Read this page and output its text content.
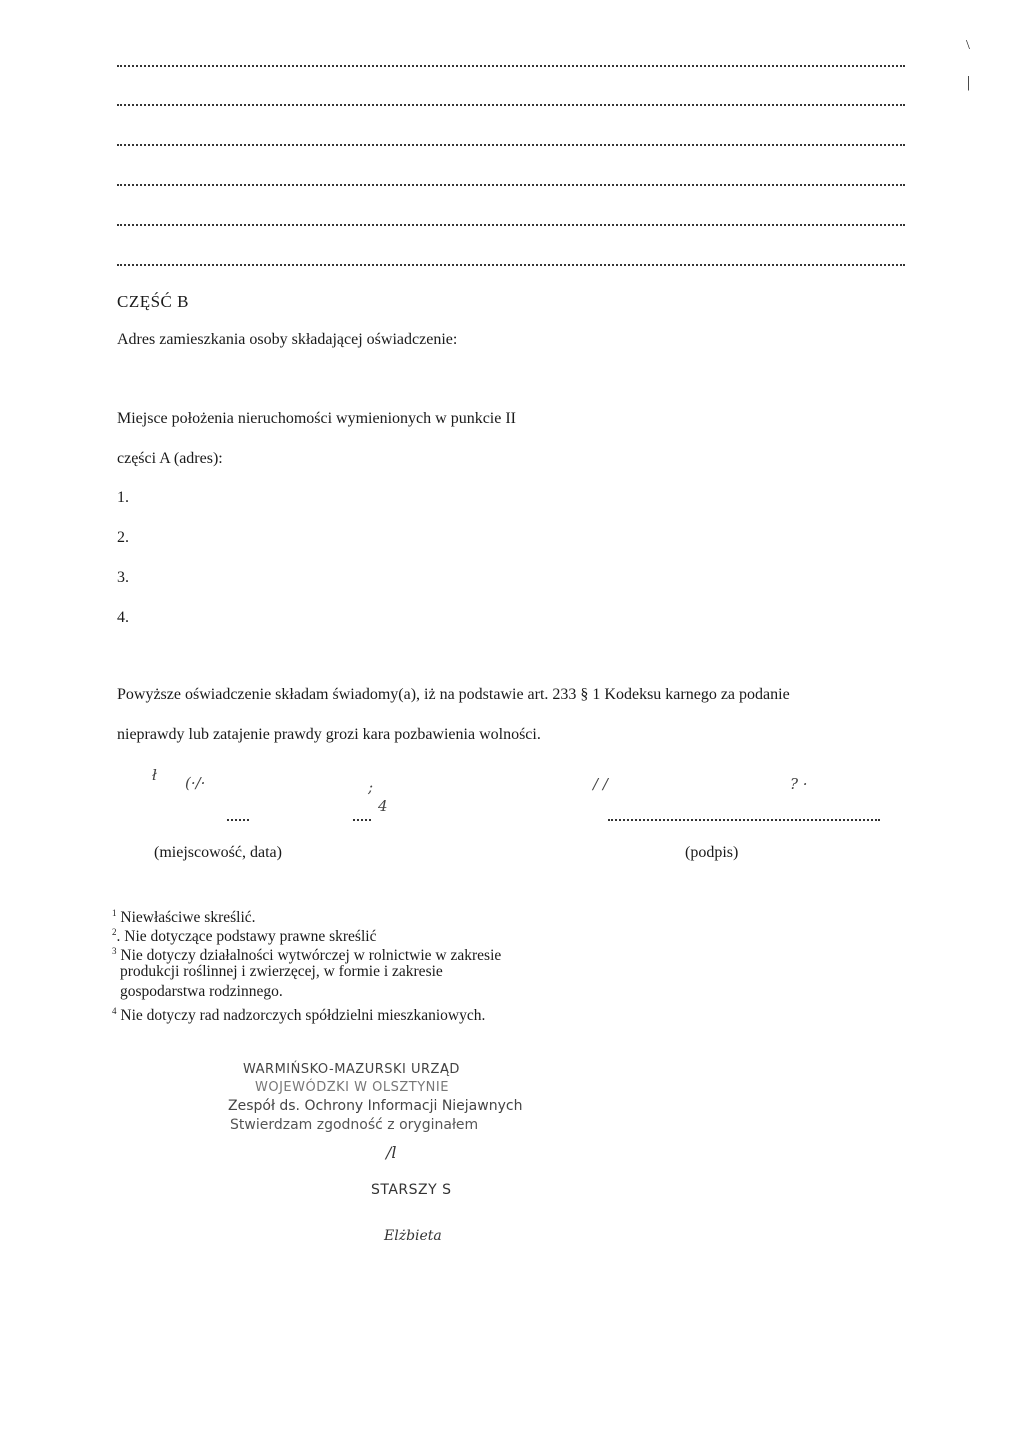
\
|
CZĘŚĆ B
Adres zamieszkania osoby składającej oświadczenie:
Miejsce położenia nieruchomości wymienionych w punkcie II
części A (adres):
1.
2.
3.
4.
Powyższe oświadczenie składam świadomy(a), iż na podstawie art. 233 § 1 Kodeksu karnego za podanie
nieprawdy lub zatajenie prawdy grozi kara pozbawienia wolności.
ł (·/·	;
4
/ /	? ·
(miejscowość, data)	(podpis)
$^1$ Niewłaściwe skreślić.
$^2$. Nie dotyczące podstawy prawne skreślić
$^3$ Nie dotyczy działalności wytwórczej w rolnictwie w zakresie
produkcji roślinnej i zwierzęcej, w formie i zakresie
gospodarstwa rodzinnego.
$^4$ Nie dotyczy rad nadzorczych spółdzielni mieszkaniowych.
WARMIŃSKO-MAZURSKI URZĄD
WOJEWÓDZKI W OLSZTYNIE
Zespół ds. Ochrony Informacji Niejawnych
Stwierdzam zgodność z oryginałem
/l
STARSZY S
Elżbieta
